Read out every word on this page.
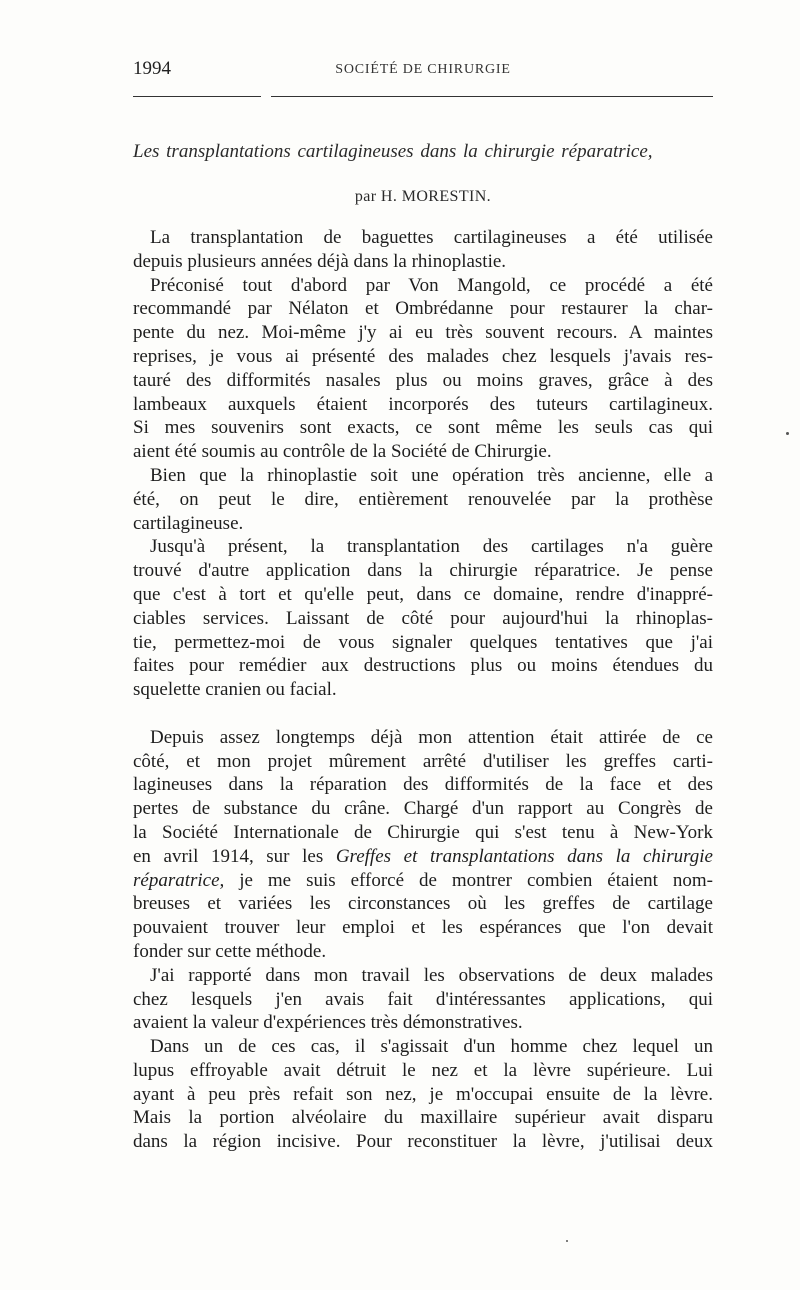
1994	SOCIÉTÉ DE CHIRURGIE
Les transplantations cartilagineuses dans la chirurgie réparatrice,
par H. MORESTIN.
La transplantation de baguettes cartilagineuses a été utilisée
depuis plusieurs années déjà dans la rhinoplastie.
Préconisé tout d'abord par Von Mangold, ce procédé a été
recommandé par Nélaton et Ombrédanne pour restaurer la char-
pente du nez. Moi-même j'y ai eu très souvent recours. A maintes
reprises, je vous ai présenté des malades chez lesquels j'avais res-
tauré des difformités nasales plus ou moins graves, grâce à des
lambeaux auxquels étaient incorporés des tuteurs cartilagineux.
Si mes souvenirs sont exacts, ce sont même les seuls cas qui
aient été soumis au contrôle de la Société de Chirurgie.
Bien que la rhinoplastie soit une opération très ancienne, elle a
été, on peut le dire, entièrement renouvelée par la prothèse
cartilagineuse.
Jusqu'à présent, la transplantation des cartilages n'a guère
trouvé d'autre application dans la chirurgie réparatrice. Je pense
que c'est à tort et qu'elle peut, dans ce domaine, rendre d'inappré-
ciables services. Laissant de côté pour aujourd'hui la rhinoplas-
tie, permettez-moi de vous signaler quelques tentatives que j'ai
faites pour remédier aux destructions plus ou moins étendues du
squelette cranien ou facial.
Depuis assez longtemps déjà mon attention était attirée de ce
côté, et mon projet mûrement arrêté d'utiliser les greffes carti-
lagineuses dans la réparation des difformités de la face et des
pertes de substance du crâne. Chargé d'un rapport au Congrès de
la Société Internationale de Chirurgie qui s'est tenu à New-York
en avril 1914, sur les Greffes et transplantations dans la chirurgie
réparatrice, je me suis efforcé de montrer combien étaient nom-
breuses et variées les circonstances où les greffes de cartilage
pouvaient trouver leur emploi et les espérances que l'on devait
fonder sur cette méthode.
J'ai rapporté dans mon travail les observations de deux malades
chez lesquels j'en avais fait d'intéressantes applications, qui
avaient la valeur d'expériences très démonstratives.
Dans un de ces cas, il s'agissait d'un homme chez lequel un
lupus effroyable avait détruit le nez et la lèvre supérieure. Lui
ayant à peu près refait son nez, je m'occupai ensuite de la lèvre.
Mais la portion alvéolaire du maxillaire supérieur avait disparu
dans la région incisive. Pour reconstituer la lèvre, j'utilisai deux
